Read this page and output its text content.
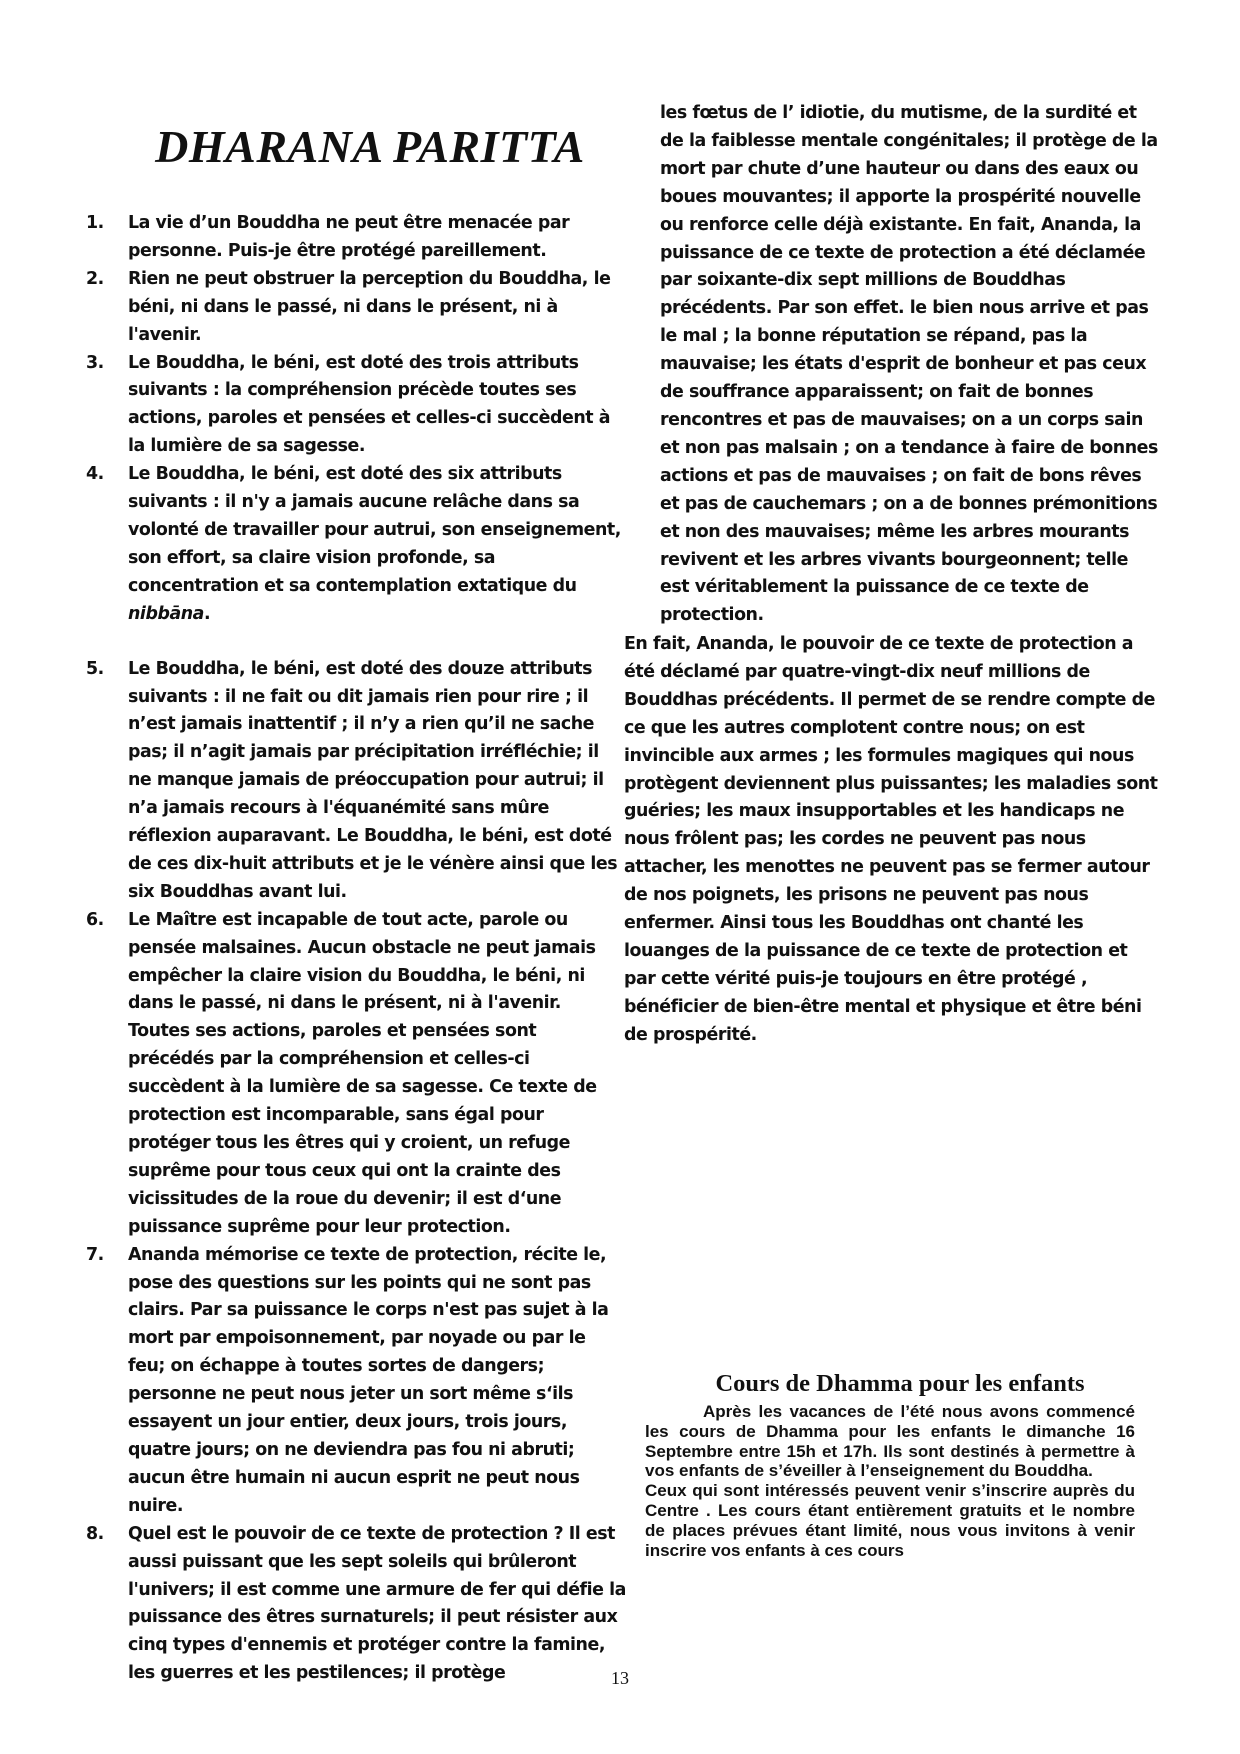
DHARANA PARITTA

1. La vie d’un Bouddha ne peut être menacée par personne. Puis-je être protégé pareillement.

2. Rien ne peut obstruer la perception du Bouddha, le béni, ni dans le passé, ni dans le présent, ni à l'avenir.

3. Le Bouddha, le béni, est doté des trois attributs suivants : la compréhension précède toutes ses actions, paroles et pensées et celles-ci succèdent à la lumière de sa sagesse.

4. Le Bouddha, le béni, est doté des six attributs suivants : il n'y a jamais aucune relâche dans sa volonté de travailler pour autrui, son enseignement, son effort, sa claire vision profonde, sa concentration et sa contemplation extatique du nibbāna.

5. Le Bouddha, le béni, est doté des douze attributs suivants : il ne fait ou dit jamais rien pour rire ; il n’est jamais inattentif ; il n’y a rien qu’il ne sache pas; il n’agit jamais par précipitation irréfléchie; il ne manque jamais de préoccupation pour autrui; il n’a jamais recours à l'équanémité sans mûre réflexion auparavant. Le Bouddha, le béni, est doté de ces dix-huit attributs et je le vénère ainsi que les six Bouddhas avant lui.

6. Le Maître est incapable de tout acte, parole ou pensée malsaines. Aucun obstacle ne peut jamais empêcher la claire vision du Bouddha, le béni, ni dans le passé, ni dans le présent, ni à l'avenir. Toutes ses actions, paroles et pensées sont précédés par la compréhension et celles-ci succèdent à la lumière de sa sagesse. Ce texte de protection est incomparable, sans égal pour protéger tous les êtres qui y croient, un refuge suprême pour tous ceux qui ont la crainte des vicissitudes de la roue du devenir; il est d‘une puissance suprême pour leur protection.

7. Ananda mémorise ce texte de protection, récite le, pose des questions sur les points qui ne sont pas clairs. Par sa puissance le corps n'est pas sujet à la mort par empoisonnement, par noyade ou par le feu; on échappe à toutes sortes de dangers; personne ne peut nous jeter un sort même s‘ils essayent un jour entier, deux jours, trois jours, quatre jours; on ne deviendra pas fou ni abruti; aucun être humain ni aucun esprit ne peut nous nuire.

8. Quel est le pouvoir de ce texte de protection ? Il est aussi puissant que les sept soleils qui brûleront l'univers; il est comme une armure de fer qui défie la puissance des êtres surnaturels; il peut résister aux cinq types d'ennemis et protéger contre la famine, les guerres et les pestilences; il protège

les fœtus de l’ idiotie, du mutisme, de la surdité et de la faiblesse mentale congénitales; il protège de la mort par chute d’une hauteur ou dans des eaux ou boues mouvantes; il apporte la prospérité nouvelle ou renforce celle déjà existante. En fait, Ananda, la puissance de ce texte de protection a été déclamée par soixante-dix sept millions de Bouddhas précédents. Par son effet. le bien nous arrive et pas le mal ; la bonne réputation se répand, pas la mauvaise; les états d'esprit de bonheur et pas ceux de souffrance apparaissent; on fait de bonnes rencontres et pas de mauvaises; on a un corps sain et non pas malsain ; on a tendance à faire de bonnes actions et pas de mauvaises ; on fait de bons rêves et pas de cauchemars ; on a de bonnes prémonitions et non des mauvaises; même les arbres mourants revivent et les arbres vivants bourgeonnent; telle est véritablement la puissance de ce texte de protection.

En fait, Ananda, le pouvoir de ce texte de protection a été déclamé par quatre-vingt-dix neuf millions de Bouddhas précédents. Il permet de se rendre compte de ce que les autres complotent contre nous; on est invincible aux armes ; les formules magiques qui nous protègent deviennent plus puissantes; les maladies sont guéries; les maux insupportables et les handicaps ne nous frôlent pas; les cordes ne peuvent pas nous attacher, les menottes ne peuvent pas se fermer autour de nos poignets, les prisons ne peuvent pas nous enfermer. Ainsi tous les Bouddhas ont chanté les louanges de la puissance de ce texte de protection et par cette vérité puis-je toujours en être protégé , bénéficier de bien-être mental et physique et être béni de prospérité.

Cours de Dhamma pour les enfants

Après les vacances de l’été nous avons commencé les cours de Dhamma pour les enfants le dimanche 16 Septembre entre 15h et 17h. Ils sont destinés à permettre à vos enfants de s’éveiller à l’enseignement du Bouddha.

Ceux qui sont intéressés peuvent venir s’inscrire auprès du Centre . Les cours étant entièrement gratuits et le nombre de places prévues étant limité, nous vous invitons à venir inscrire vos enfants à ces cours

13
